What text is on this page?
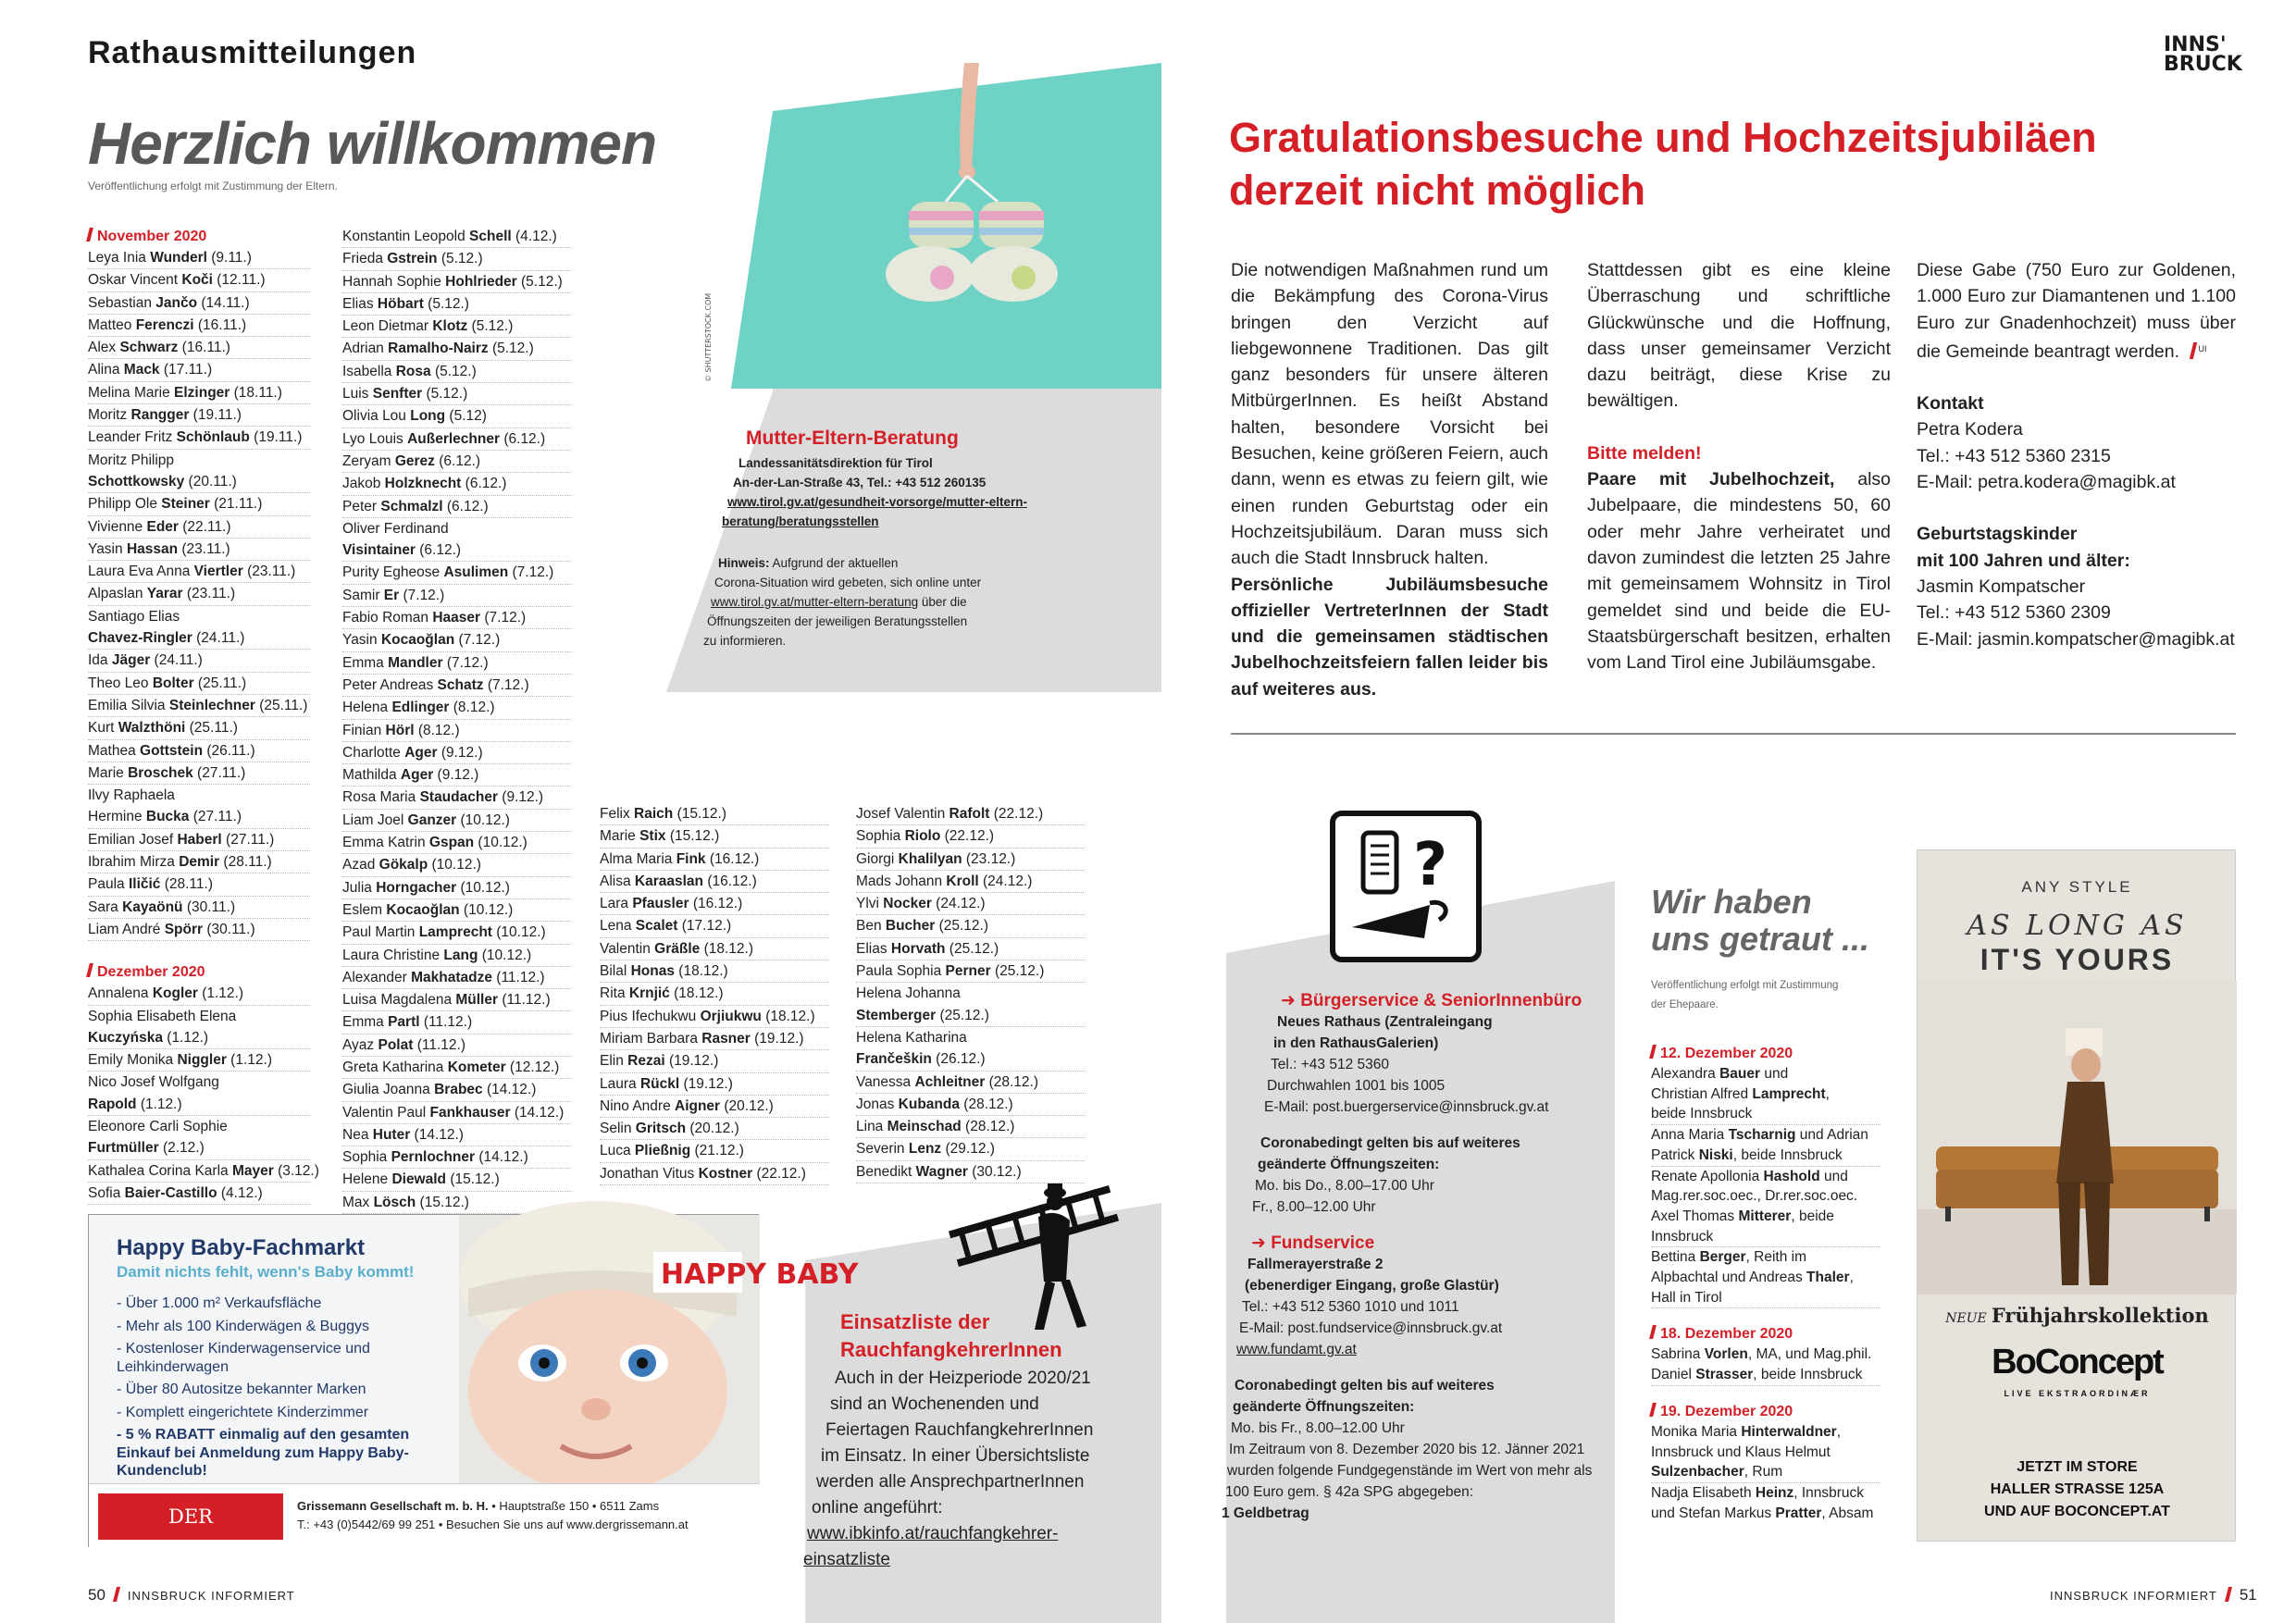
Rathausmitteilungen	INNS'
BRUCK
Herzlich willkommen
Veröffentlichung erfolgt mit Zustimmung der Eltern.
November 2020
Leya Inia Wunderl (9.11.)
Oskar Vincent Koči (12.11.)
Sebastian Jančo (14.11.)
Matteo Ferenczi (16.11.)
Alex Schwarz (16.11.)
Alina Mack (17.11.)
Melina Marie Elzinger (18.11.)
Moritz Rangger (19.11.)
Leander Fritz Schönlaub (19.11.)
Moritz Philipp
Schottkowsky (20.11.)
Philipp Ole Steiner (21.11.)
Vivienne Eder (22.11.)
Yasin Hassan (23.11.)
Laura Eva Anna Viertler (23.11.)
Alpaslan Yarar (23.11.)
Santiago Elias
Chavez-Ringler (24.11.)
Ida Jäger (24.11.)
Theo Leo Bolter (25.11.)
Emilia Silvia Steinlechner (25.11.)
Kurt Walzthöni (25.11.)
Mathea Gottstein (26.11.)
Marie Broschek (27.11.)
Ilvy Raphaela
Hermine Bucka (27.11.)
Emilian Josef Haberl (27.11.)
Ibrahim Mirza Demir (28.11.)
Paula Iličić (28.11.)
Sara Kayaönü (30.11.)
Liam André Spörr (30.11.)
Dezember 2020
Annalena Kogler (1.12.)
Sophia Elisabeth Elena
Kuczyńska (1.12.)
Emily Monika Niggler (1.12.)
Nico Josef Wolfgang
Rapold (1.12.)
Eleonore Carli Sophie
Furtmüller (2.12.)
Kathalea Corina Karla Mayer (3.12.)
Sofia Baier-Castillo (4.12.)
Konstantin Leopold Schell (4.12.)
Frieda Gstrein (5.12.)
Hannah Sophie Hohlrieder (5.12.)
Elias Höbart (5.12.)
Leon Dietmar Klotz (5.12.)
Adrian Ramalho-Nairz (5.12.)
Isabella Rosa (5.12.)
Luis Senfter (5.12.)
Olivia Lou Long (5.12)
Lyo Louis Außerlechner (6.12.)
Zeryam Gerez (6.12.)
Jakob Holzknecht (6.12.)
Peter Schmalzl (6.12.)
Oliver Ferdinand
Visintainer (6.12.)
Purity Egheose Asulimen (7.12.)
Samir Er (7.12.)
Fabio Roman Haaser (7.12.)
Yasin Kocaoğlan (7.12.)
Emma Mandler (7.12.)
Peter Andreas Schatz (7.12.)
Helena Edlinger (8.12.)
Finian Hörl (8.12.)
Charlotte Ager (9.12.)
Mathilda Ager (9.12.)
Rosa Maria Staudacher (9.12.)
Liam Joel Ganzer (10.12.)
Emma Katrin Gspan (10.12.)
Azad Gökalp (10.12.)
Julia Horngacher (10.12.)
Eslem Kocaoğlan (10.12.)
Paul Martin Lamprecht (10.12.)
Laura Christine Lang (10.12.)
Alexander Makhatadze (11.12.)
Luisa Magdalena Müller (11.12.)
Emma Partl (11.12.)
Ayaz Polat (11.12.)
Greta Katharina Kometer (12.12.)
Giulia Joanna Brabec (14.12.)
Valentin Paul Fankhauser (14.12.)
Nea Huter (14.12.)
Sophia Pernlochner (14.12.)
Helene Diewald (15.12.)
Max Lösch (15.12.)
Felix Raich (15.12.)
Marie Stix (15.12.)
Alma Maria Fink (16.12.)
Alisa Karaaslan (16.12.)
Lara Pfausler (16.12.)
Lena Scalet (17.12.)
Valentin Gräßle (18.12.)
Bilal Honas (18.12.)
Rita Krnjić (18.12.)
Pius Ifechukwu Orjiukwu (18.12.)
Miriam Barbara Rasner (19.12.)
Elin Rezai (19.12.)
Laura Rückl (19.12.)
Nino Andre Aigner (20.12.)
Selin Gritsch (20.12.)
Luca Pließnig (21.12.)
Jonathan Vitus Kostner (22.12.)
Josef Valentin Rafolt (22.12.)
Sophia Riolo (22.12.)
Giorgi Khalilyan (23.12.)
Mads Johann Kroll (24.12.)
Ylvi Nocker (24.12.)
Ben Bucher (25.12.)
Elias Horvath (25.12.)
Paula Sophia Perner (25.12.)
Helena Johanna
Stemberger (25.12.)
Helena Katharina
Frančeškin (26.12.)
Vanessa Achleitner (28.12.)
Jonas Kubanda (28.12.)
Lina Meinschad (28.12.)
Severin Lenz (29.12.)
Benedikt Wagner (30.12.)
© SHUTTERSTOCK.COM
Mutter-Eltern-Beratung
Landessanitätsdirektion für Tirol
An-der-Lan-Straße 43, Tel.: +43 512 260135
www.tirol.gv.at/gesundheit-vorsorge/mutter-eltern-
beratung/beratungsstellen
Hinweis: Aufgrund der aktuellen
Corona-Situation wird gebeten, sich online unter
www.tirol.gv.at/mutter-eltern-beratung über die
Öffnungszeiten der jeweiligen Beratungsstellen
zu informieren.
Gratulationsbesuche und Hochzeitsjubiläen
derzeit nicht möglich

Die notwendigen Maßnahmen rund um die Bekämpfung des Corona-Virus bringen den Verzicht auf liebgewonnene Traditionen. Das gilt ganz besonders für unsere älteren MitbürgerInnen. Es heißt Abstand halten, besondere Vorsicht bei Besuchen, keine größeren Feiern, auch dann, wenn es etwas zu feiern gilt, wie einen runden Geburtstag oder ein Hochzeitsjubiläum. Daran muss sich auch die Stadt Innsbruck halten.

Persönliche Jubiläumsbesuche offizieller VertreterInnen der Stadt und die gemeinsamen städtischen Jubelhochzeitsfeiern fallen leider bis auf weiteres aus.

Stattdessen gibt es eine kleine Überraschung und schriftliche Glückwünsche und die Hoffnung, dass unser gemeinsamer Verzicht dazu beiträgt, diese Krise zu bewältigen.

Bitte melden!

Paare mit Jubelhochzeit, also Jubelpaare, die mindestens 50, 60 oder mehr Jahre verheiratet und davon zumindest die letzten 25 Jahre mit gemeinsamem Wohnsitz in Tirol gemeldet sind und beide die EU-Staatsbürgerschaft besitzen, erhalten vom Land Tirol eine Jubiläumsgabe.

Diese Gabe (750 Euro zur Goldenen, 1.000 Euro zur Diamantenen und 1.100 Euro zur Gnadenhochzeit) muss über die Gemeinde beantragt werden. $^{UI}$

Kontakt
Petra Kodera
Tel.: +43 512 5360 2315
E-Mail: petra.kodera@magibk.at
Geburtstagskinder
mit 100 Jahren und älter:
Jasmin Kompatscher
Tel.: +43 512 5360 2309
E-Mail: jasmin.kompatscher@magibk.at
?
➜ Bürgerservice & SeniorInnenbüro
Neues Rathaus (Zentraleingang
in den RathausGalerien)
Tel.: +43 512 5360
Durchwahlen 1001 bis 1005
E-Mail: post.buergerservice@innsbruck.gv.at
Coronabedingt gelten bis auf weiteres
geänderte Öffnungszeiten:
Mo. bis Do., 8.00–17.00 Uhr
Fr., 8.00–12.00 Uhr
➜ Fundservice
Fallmerayerstraße 2
(ebenerdiger Eingang, große Glastür)
Tel.: +43 512 5360 1010 und 1011
E-Mail: post.fundservice@innsbruck.gv.at
www.fundamt.gv.at
Coronabedingt gelten bis auf weiteres
geänderte Öffnungszeiten:
Mo. bis Fr., 8.00–12.00 Uhr
Im Zeitraum von 8. Dezember 2020 bis 12. Jänner 2021
wurden folgende Fundgegenstände im Wert von mehr als
100 Euro gem. § 42a SPG abgegeben:
1 Geldbetrag
Einsatzliste der
RauchfangkehrerInnen
Auch in der Heizperiode 2020/21
sind an Wochenenden und
Feiertagen RauchfangkehrerInnen
im Einsatz. In einer Übersichtsliste
werden alle AnsprechpartnerInnen
online angeführt:
www.ibkinfo.at/rauchfangkehrer-
einsatzliste
Wir haben
uns getraut ...
Veröffentlichung erfolgt mit Zustimmung
der Ehepaare.
12. Dezember 2020
Alexandra Bauer und
Christian Alfred Lamprecht,
beide Innsbruck
Anna Maria Tscharnig und Adrian
Patrick Niski, beide Innsbruck
Renate Apollonia Hashold und
Mag.rer.soc.oec., Dr.rer.soc.oec.
Axel Thomas Mitterer, beide
Innsbruck
Bettina Berger, Reith im
Alpbachtal und Andreas Thaler,
Hall in Tirol
18. Dezember 2020
Sabrina Vorlen, MA, und Mag.phil.
Daniel Strasser, beide Innsbruck
19. Dezember 2020
Monika Maria Hinterwaldner,
Innsbruck und Klaus Helmut
Sulzenbacher, Rum
Nadja Elisabeth Heinz, Innsbruck
und Stefan Markus Pratter, Absam
HAPPY BABY
Happy Baby-Fachmarkt
Damit nichts fehlt, wenn's Baby kommt!
- Über 1.000 m² Verkaufsfläche
- Mehr als 100 Kinderwägen & Buggys
- Kostenloser Kinderwagenservice und Leihkinderwagen
- Über 80 Autositze bekannter Marken
- Komplett eingerichtete Kinderzimmer
- 5 % RABATT einmalig auf den gesamten Einkauf bei Anmeldung zum Happy Baby-Kundenclub!
DER GRISSEMANN
Grissemann Gesellschaft m. b. H. • Hauptstraße 150 • 6511 Zams
T.: +43 (0)5442/69 99 251 • Besuchen Sie uns auf www.dergrissemann.at
ANY STYLE
AS LONG AS
IT'S YOURS
NEUE Frühjahrskollektion
BoConcept
LIVE EKSTRAORDINÆR
JETZT IM STORE
HALLER STRASSE 125A
UND AUF BOCONCEPT.AT
50 INNSBRUCK INFORMIERT	INNSBRUCK INFORMIERT 51
